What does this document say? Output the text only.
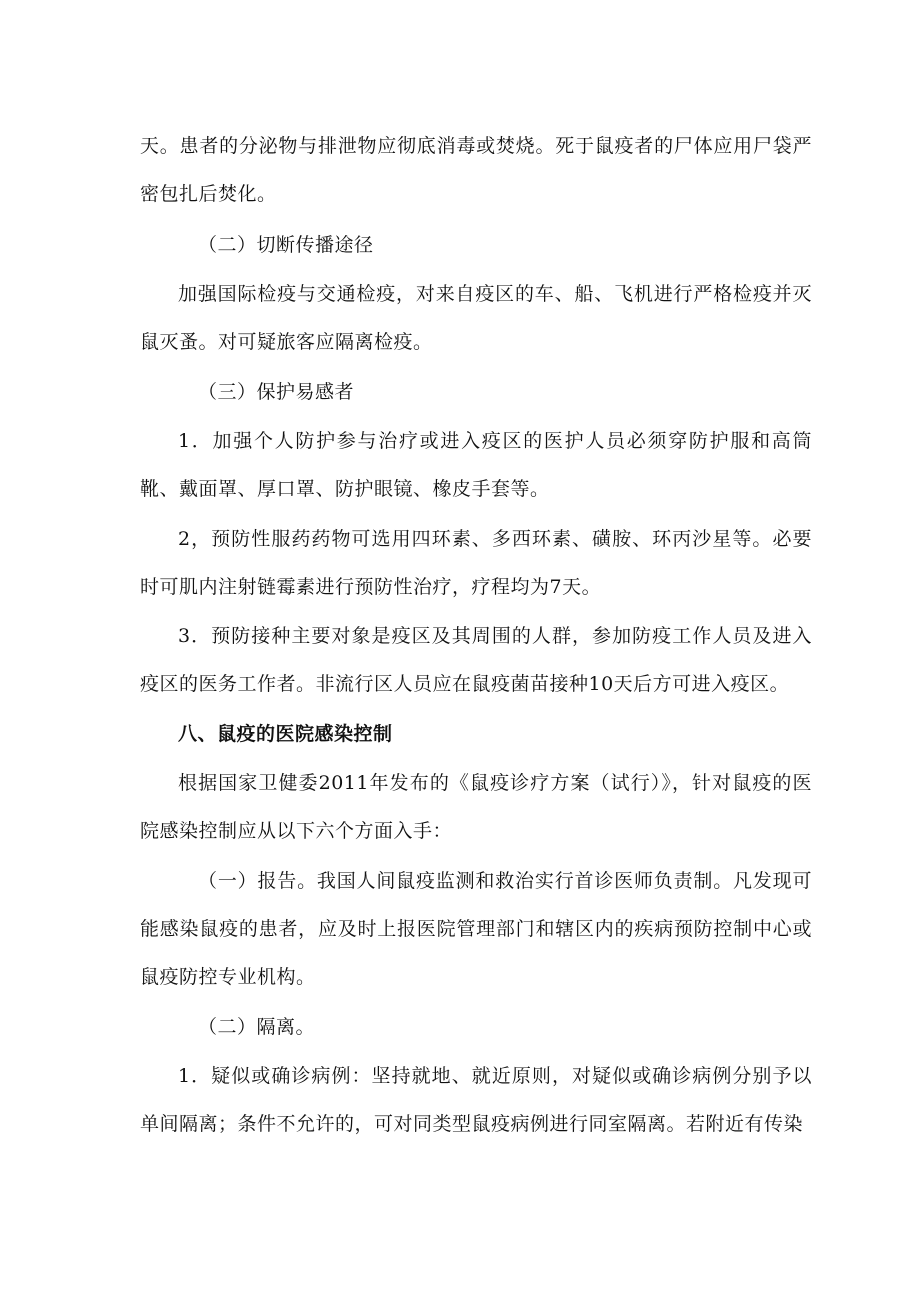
天。患者的分泌物与排泄物应彻底消毒或焚烧。死于鼠疫者的尸体应用尸袋严密包扎后焚化。

（二）切断传播途径

加强国际检疫与交通检疫，对来自疫区的车、船、飞机进行严格检疫并灭鼠灭蚤。对可疑旅客应隔离检疫。

（三）保护易感者

1．加强个人防护参与治疗或进入疫区的医护人员必须穿防护服和高筒靴、戴面罩、厚口罩、防护眼镜、橡皮手套等。

2，预防性服药药物可选用四环素、多西环素、磺胺、环丙沙星等。必要时可肌内注射链霉素进行预防性治疗，疗程均为7天。

3．预防接种主要对象是疫区及其周围的人群，参加防疫工作人员及进入疫区的医务工作者。非流行区人员应在鼠疫菌苗接种10天后方可进入疫区。

八、鼠疫的医院感染控制

根据国家卫健委2011年发布的《鼠疫诊疗方案（试行）》，针对鼠疫的医院感染控制应从以下六个方面入手：

（一）报告。我国人间鼠疫监测和救治实行首诊医师负责制。凡发现可能感染鼠疫的患者，应及时上报医院管理部门和辖区内的疾病预防控制中心或鼠疫防控专业机构。

（二）隔离。

1．疑似或确诊病例：坚持就地、就近原则，对疑似或确诊病例分别予以单间隔离；条件不允许的，可对同类型鼠疫病例进行同室隔离。若附近有传染
